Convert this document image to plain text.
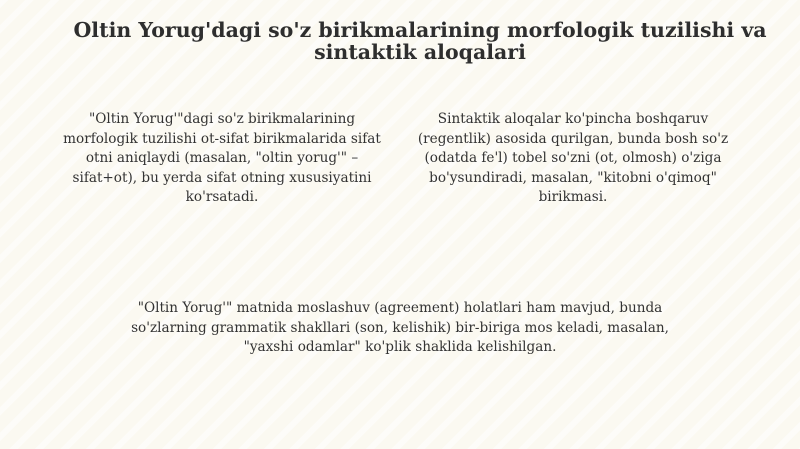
Oltin Yorug'dagi so'z birikmalarining morfologik tuzilishi va sintaktik aloqalari

"Oltin Yorug'"dagi so'z birikmalarining morfologik tuzilishi ot-sifat birikmalarida sifat otni aniqlaydi (masalan, "oltin yorug'" – sifat+ot), bu yerda sifat otning xususiyatini ko'rsatadi.

Sintaktik aloqalar ko'pincha boshqaruv (regentlik) asosida qurilgan, bunda bosh so'z (odatda fe'l) tobel so'zni (ot, olmosh) o'ziga bo'ysundiradi, masalan, "kitobni o'qimoq" birikmasi.

"Oltin Yorug'" matnida moslashuv (agreement) holatlari ham mavjud, bunda so'zlarning grammatik shakllari (son, kelishik) bir-biriga mos keladi, masalan, "yaxshi odamlar" ko'plik shaklida kelishilgan.
